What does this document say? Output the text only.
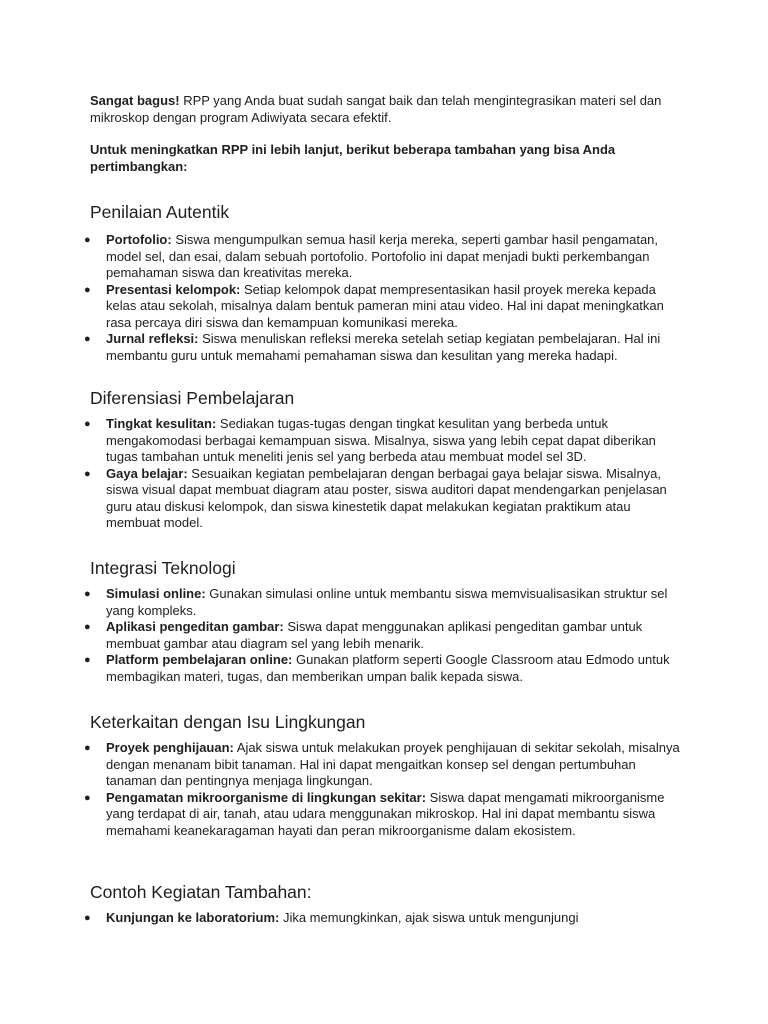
Sangat bagus! RPP yang Anda buat sudah sangat baik dan telah mengintegrasikan materi sel dan mikroskop dengan program Adiwiyata secara efektif.

Untuk meningkatkan RPP ini lebih lanjut, berikut beberapa tambahan yang bisa Anda pertimbangkan:

Penilaian Autentik
● Portofolio: Siswa mengumpulkan semua hasil kerja mereka, seperti gambar hasil pengamatan, model sel, dan esai, dalam sebuah portofolio. Portofolio ini dapat menjadi bukti perkembangan pemahaman siswa dan kreativitas mereka.
● Presentasi kelompok: Setiap kelompok dapat mempresentasikan hasil proyek mereka kepada kelas atau sekolah, misalnya dalam bentuk pameran mini atau video. Hal ini dapat meningkatkan rasa percaya diri siswa dan kemampuan komunikasi mereka.
● Jurnal refleksi: Siswa menuliskan refleksi mereka setelah setiap kegiatan pembelajaran. Hal ini membantu guru untuk memahami pemahaman siswa dan kesulitan yang mereka hadapi.
Diferensiasi Pembelajaran
● Tingkat kesulitan: Sediakan tugas-tugas dengan tingkat kesulitan yang berbeda untuk mengakomodasi berbagai kemampuan siswa. Misalnya, siswa yang lebih cepat dapat diberikan tugas tambahan untuk meneliti jenis sel yang berbeda atau membuat model sel 3D.
● Gaya belajar: Sesuaikan kegiatan pembelajaran dengan berbagai gaya belajar siswa. Misalnya, siswa visual dapat membuat diagram atau poster, siswa auditori dapat mendengarkan penjelasan guru atau diskusi kelompok, dan siswa kinestetik dapat melakukan kegiatan praktikum atau membuat model.
Integrasi Teknologi
● Simulasi online: Gunakan simulasi online untuk membantu siswa memvisualisasikan struktur sel yang kompleks.
● Aplikasi pengeditan gambar: Siswa dapat menggunakan aplikasi pengeditan gambar untuk membuat gambar atau diagram sel yang lebih menarik.
● Platform pembelajaran online: Gunakan platform seperti Google Classroom atau Edmodo untuk membagikan materi, tugas, dan memberikan umpan balik kepada siswa.
Keterkaitan dengan Isu Lingkungan
● Proyek penghijauan: Ajak siswa untuk melakukan proyek penghijauan di sekitar sekolah, misalnya dengan menanam bibit tanaman. Hal ini dapat mengaitkan konsep sel dengan pertumbuhan tanaman dan pentingnya menjaga lingkungan.
● Pengamatan mikroorganisme di lingkungan sekitar: Siswa dapat mengamati mikroorganisme yang terdapat di air, tanah, atau udara menggunakan mikroskop. Hal ini dapat membantu siswa memahami keanekaragaman hayati dan peran mikroorganisme dalam ekosistem.
Contoh Kegiatan Tambahan:
● Kunjungan ke laboratorium: Jika memungkinkan, ajak siswa untuk mengunjungi
